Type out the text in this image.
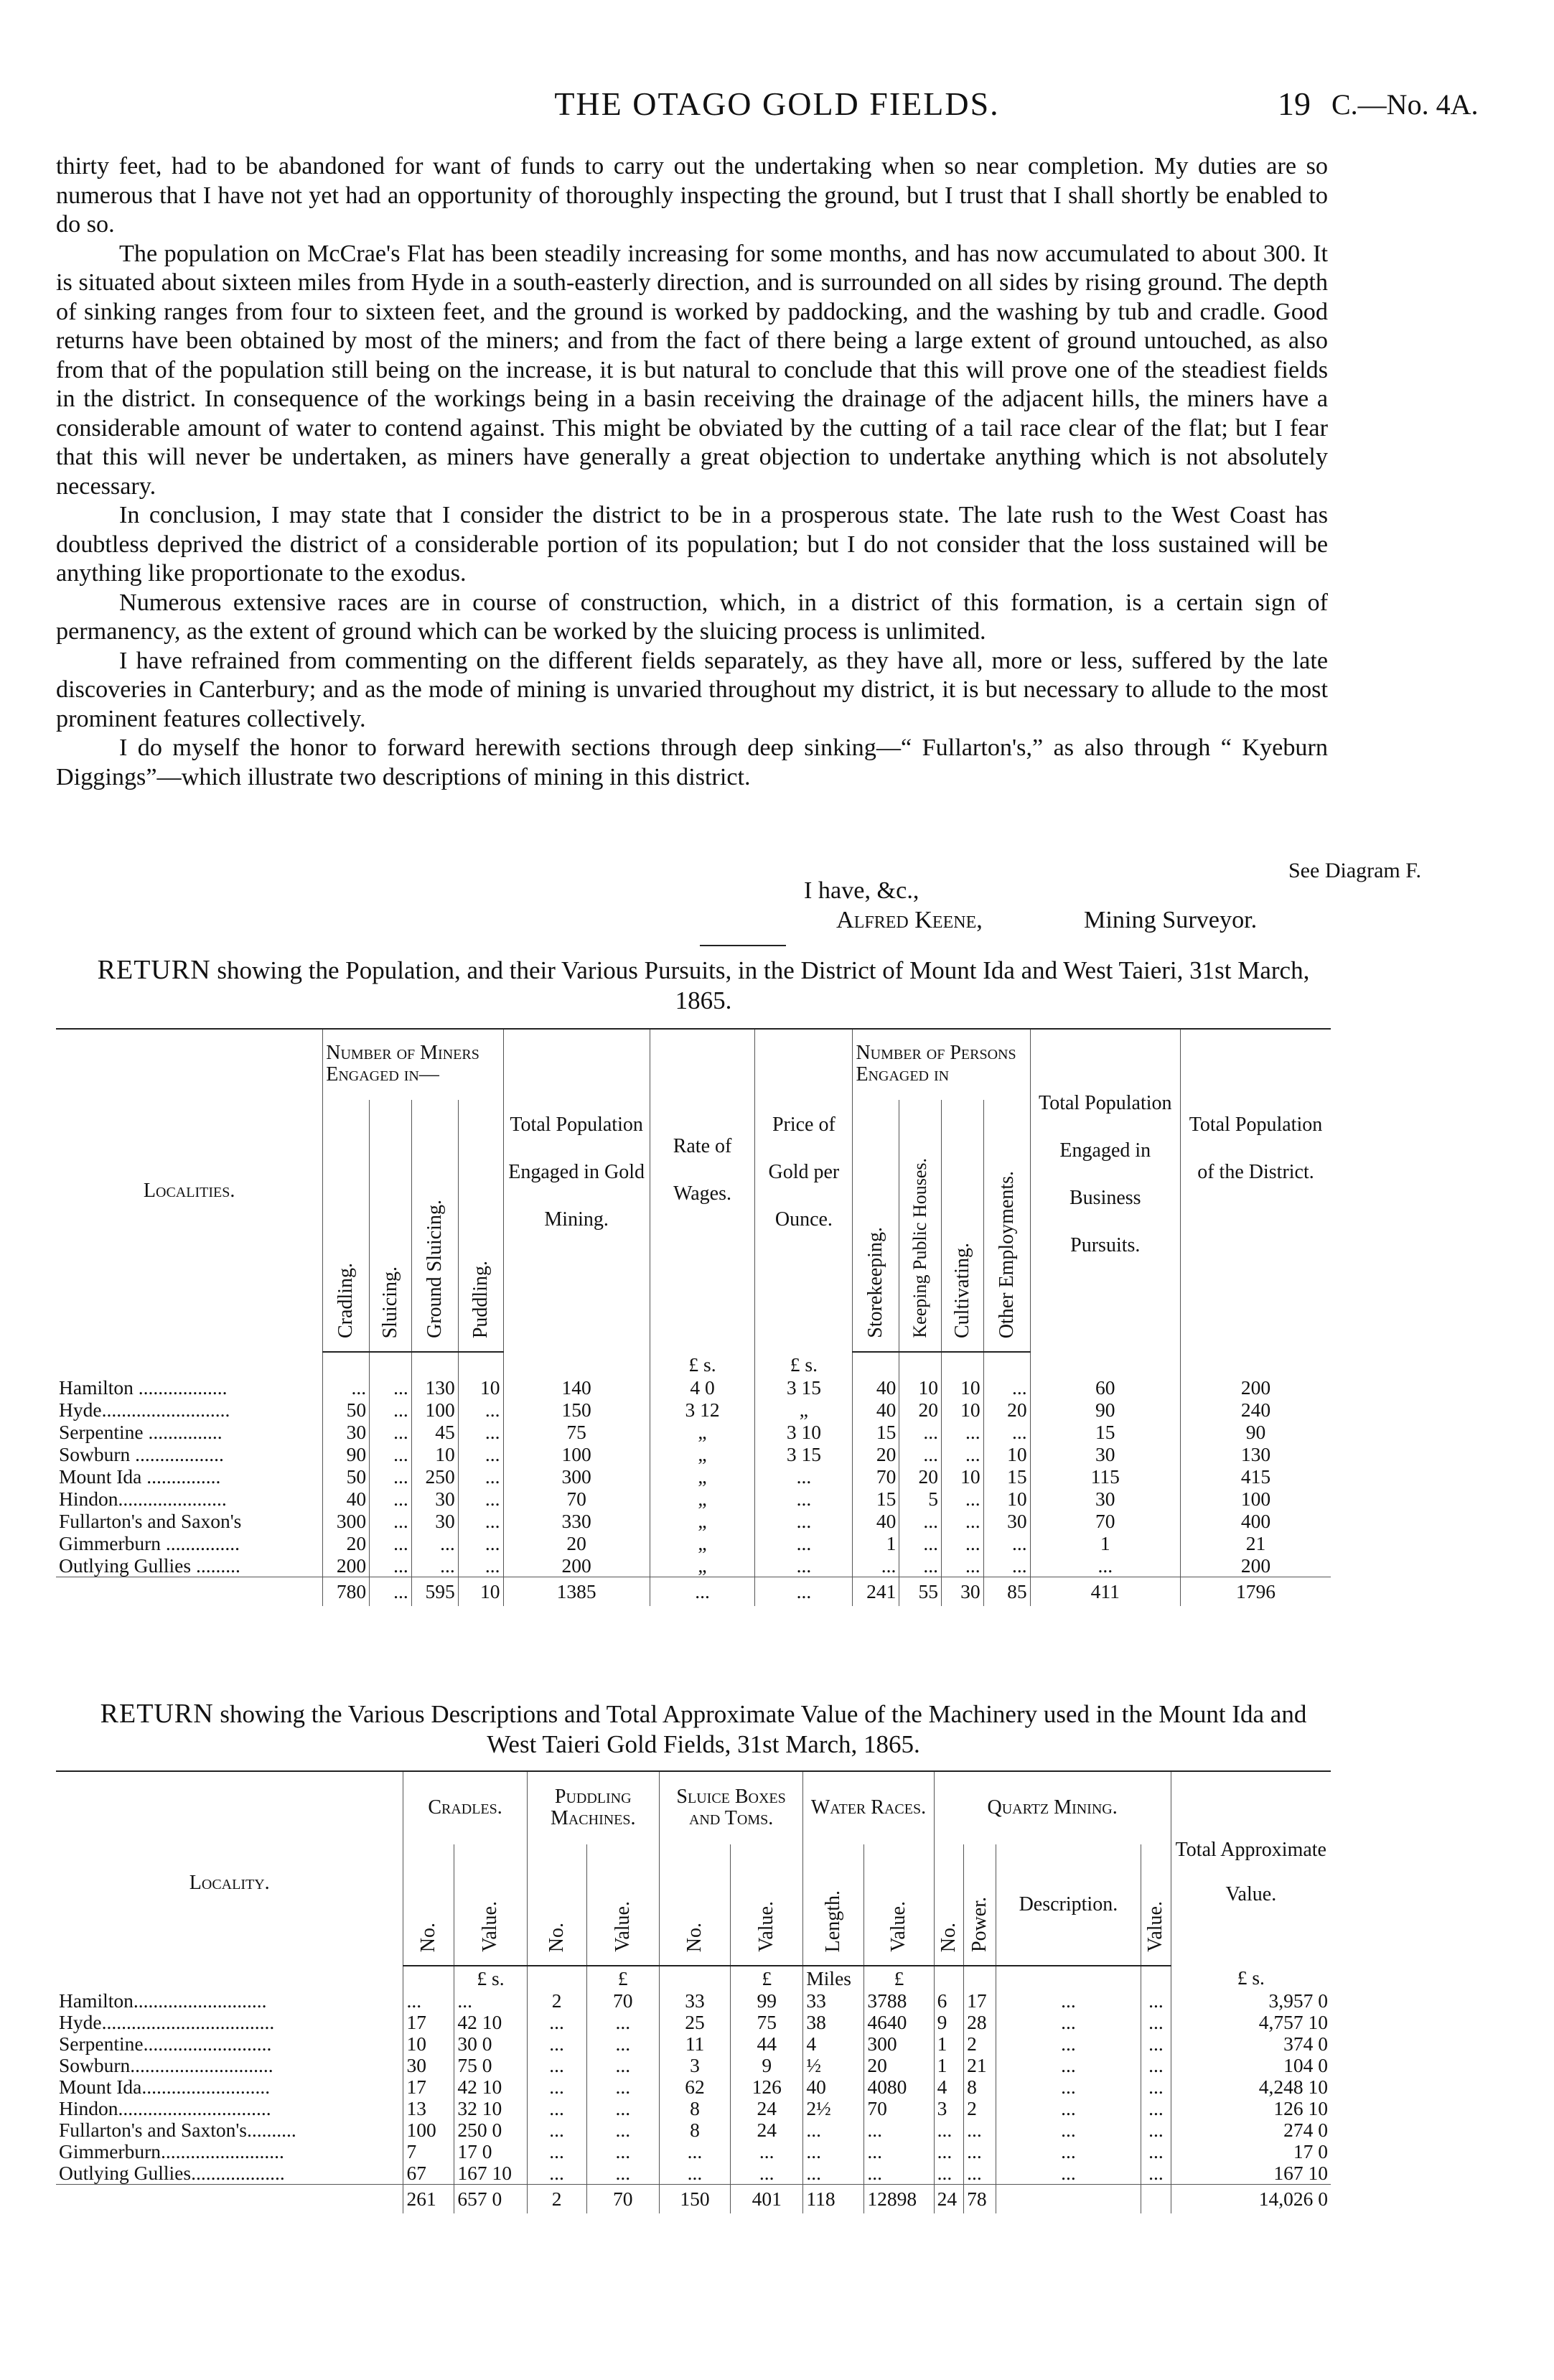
THE OTAGO GOLD FIELDS.	19 C.—No. 4A.

thirty feet, had to be abandoned for want of funds to carry out the undertaking when so near completion. My duties are so numerous that I have not yet had an opportunity of thoroughly inspecting the ground, but I trust that I shall shortly be enabled to do so.

The population on McCrae's Flat has been steadily increasing for some months, and has now accumulated to about 300. It is situated about sixteen miles from Hyde in a south-easterly direction, and is surrounded on all sides by rising ground. The depth of sinking ranges from four to sixteen feet, and the ground is worked by paddocking, and the washing by tub and cradle. Good returns have been obtained by most of the miners; and from the fact of there being a large extent of ground untouched, as also from that of the population still being on the increase, it is but natural to conclude that this will prove one of the steadiest fields in the district. In consequence of the workings being in a basin receiving the drainage of the adjacent hills, the miners have a considerable amount of water to contend against. This might be obviated by the cutting of a tail race clear of the flat; but I fear that this will never be undertaken, as miners have generally a great objection to undertake anything which is not absolutely necessary.

In conclusion, I may state that I consider the district to be in a prosperous state. The late rush to the West Coast has doubtless deprived the district of a considerable portion of its population; but I do not consider that the loss sustained will be anything like proportionate to the exodus.

Numerous extensive races are in course of construction, which, in a district of this formation, is a certain sign of permanency, as the extent of ground which can be worked by the sluicing process is unlimited.

I have refrained from commenting on the different fields separately, as they have all, more or less, suffered by the late discoveries in Canterbury; and as the mode of mining is unvaried throughout my district, it is but necessary to allude to the most prominent features collectively.

I do myself the honor to forward herewith sections through deep sinking—“ Fullarton's,” as also through “ Kyeburn Diggings”—which illustrate two descriptions of mining in this district.

See Diagram F.
I have, &c.,
Alfred Keene,	Mining Surveyor.
RETURN showing the Population, and their Various Pursuits, in the District of Mount Ida and West Taieri, 31st March, 1865.
Localities.	Number of Miners Engaged in—				Total Population Engaged in Gold Mining.	Rate of Wages.	Price of Gold per Ounce.	Number of Persons Engaged in				Total Population Engaged in Business Pursuits.	Total Population of the District.
	Cradling.	Sluicing.	Ground Sluicing.	Puddling.				Storekeeping.	Keeping Public Houses.	Cultivating.	Other Employments.		
						£ s.	£ s.						
Hamilton ..................	...	...	130	10	140	4 0	3 15	40	10	10	...	60	200
Hyde..........................	50	...	100	...	150	3 12	„	40	20	10	20	90	240
Serpentine ...............	30	...	45	...	75	„	3 10	15	...	...	...	15	90
Sowburn ..................	90	...	10	...	100	„	3 15	20	...	...	10	30	130
Mount Ida ...............	50	...	250	...	300	„	...	70	20	10	15	115	415
Hindon......................	40	...	30	...	70	„	...	15	5	...	10	30	100
Fullarton's and Saxon's	300	...	30	...	330	„	...	40	...	...	30	70	400
Gimmerburn ...............	20	...	...	...	20	„	...	1	...	...	...	1	21
Outlying Gullies .........	200	...	...	...	200	„	...	...	...	...	...	...	200
	780	...	595	10	1385	...	...	241	55	30	85	411	1796
RETURN showing the Various Descriptions and Total Approximate Value of the Machinery used in the Mount Ida and West Taieri Gold Fields, 31st March, 1865.
Locality.	Cradles.		Puddling Machines.		Sluice Boxes and Toms.		Water Races.		Quartz Mining.				Total Approximate Value.
	No.	Value.	No.	Value.	No.	Value.	Length.	Value.	No.	Power.	Description.	Value.	
		£ s.		£		£	Miles	£					£ s.
Hamilton...........................	...	...	2	70	33	99	33	3788	6	17	...	...	3,957 0
Hyde...................................	17	42 10	...	...	25	75	38	4640	9	28	...	...	4,757 10
Serpentine..........................	10	30 0	...	...	11	44	4	300	1	2	...	...	374 0
Sowburn.............................	30	75 0	...	...	3	9	½	20	1	21	...	...	104 0
Mount Ida..........................	17	42 10	...	...	62	126	40	4080	4	8	...	...	4,248 10
Hindon...............................	13	32 10	...	...	8	24	2½	70	3	2	...	...	126 10
Fullarton's and Saxton's..........	100	250 0	...	...	8	24	...	...	...	...	...	...	274 0
Gimmerburn.........................	7	17 0	...	...	...	...	...	...	...	...	...	...	17 0
Outlying Gullies...................	67	167 10	...	...	...	...	...	...	...	...	...	...	167 10
	261	657 0	2	70	150	401	118	12898	24	78			14,026 0
